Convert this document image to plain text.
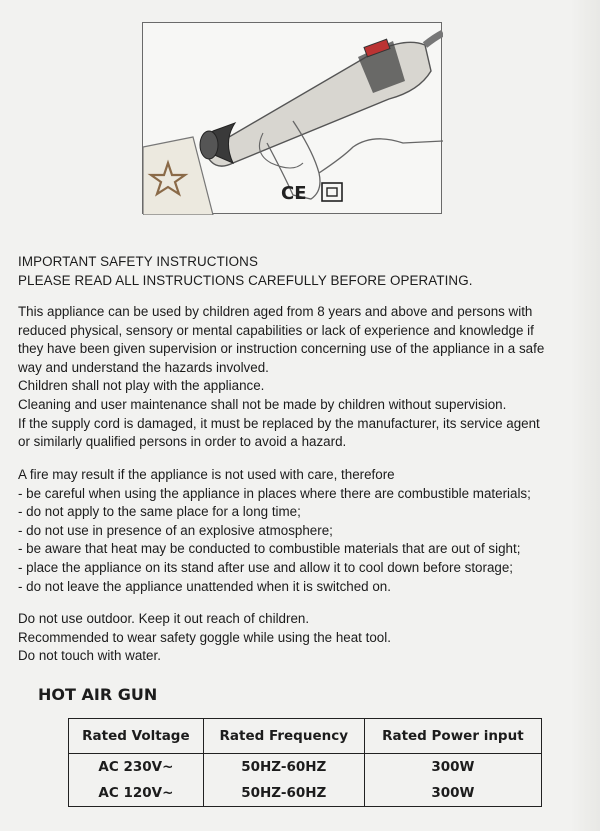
CE
IMPORTANT SAFETY INSTRUCTIONS
PLEASE READ ALL INSTRUCTIONS CAREFULLY BEFORE OPERATING.
This appliance can be used by children aged from 8 years and above and persons with
reduced physical, sensory or mental capabilities or lack of experience and knowledge if
they have been given supervision or instruction concerning use of the appliance in a safe
way and understand the hazards involved.
Children shall not play with the appliance.
Cleaning and user maintenance shall not be made by children without supervision.
If the supply cord is damaged, it must be replaced by the manufacturer, its service agent
or similarly qualified persons in order to avoid a hazard.
A fire may result if the appliance is not used with care, therefore
- be careful when using the appliance in places where there are combustible materials;
- do not apply to the same place for a long time;
- do not use in presence of an explosive atmosphere;
- be aware that heat may be conducted to combustible materials that are out of sight;
- place the appliance on its stand after use and allow it to cool down before storage;
- do not leave the appliance unattended when it is switched on.
Do not use outdoor. Keep it out reach of children.
Recommended to wear safety goggle while using the heat tool.
Do not touch with water.
HOT AIR GUN
Rated Voltage	Rated Frequency	Rated Power input
AC 230V~	50HZ-60HZ	300W
AC 120V~	50HZ-60HZ	300W
